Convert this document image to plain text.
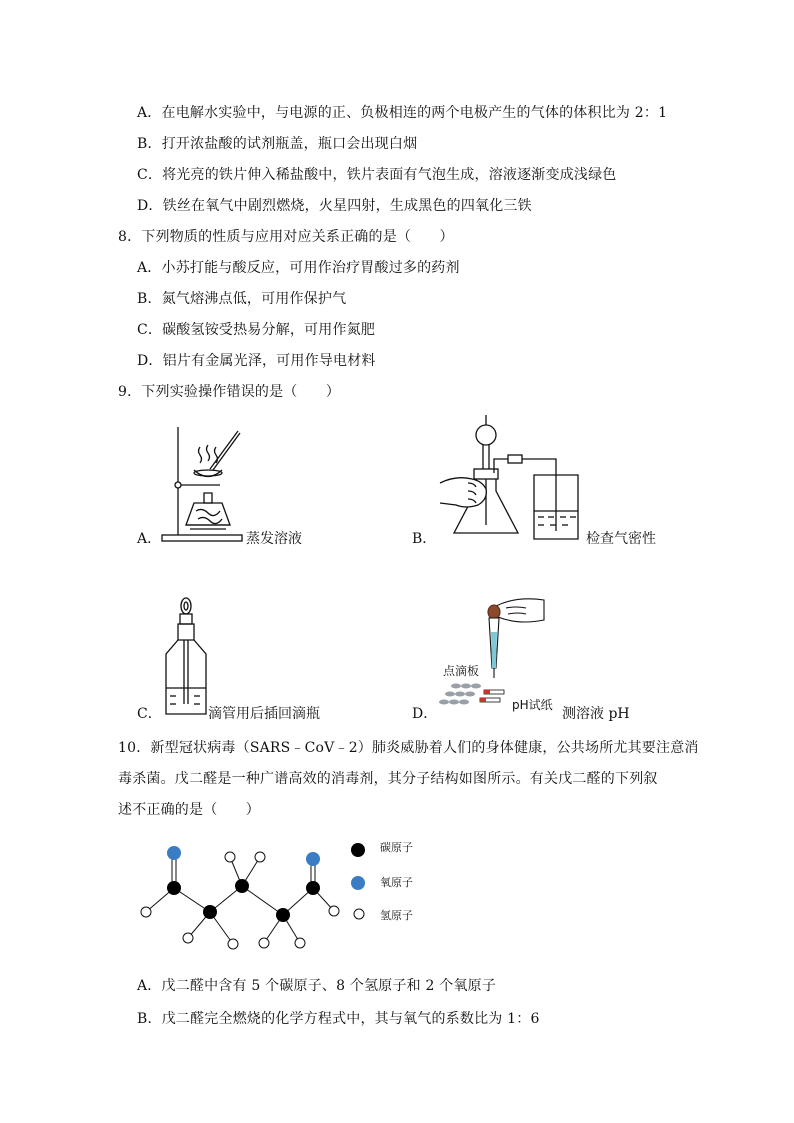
A．在电解水实验中，与电源的正、负极相连的两个电极产生的气体的体积比为 2：1
B．打开浓盐酸的试剂瓶盖，瓶口会出现白烟
C．将光亮的铁片伸入稀盐酸中，铁片表面有气泡生成，溶液逐渐变成浅绿色
D．铁丝在氧气中剧烈燃烧，火星四射，生成黑色的四氧化三铁
8．下列物质的性质与应用对应关系正确的是（　　）
A．小苏打能与酸反应，可用作治疗胃酸过多的药剂
B．氮气熔沸点低，可用作保护气
C．碳酸氢铵受热易分解，可用作氮肥
D．铝片有金属光泽，可用作导电材料
9．下列实验操作错误的是（　　）
A．	蒸发溶液	B．	检查气密性
C．	滴管用后插回滴瓶
点滴板
pH试纸
D．	测溶液 pH
10．新型冠状病毒（SARS﹣CoV﹣2）肺炎威胁着人们的身体健康，公共场所尤其要注意消
毒杀菌。戊二醛是一种广谱高效的消毒剂，其分子结构如图所示。有关戊二醛的下列叙
述不正确的是（　　）
碳原子
氧原子
氢原子
A．戊二醛中含有 5 个碳原子、8 个氢原子和 2 个氧原子
B．戊二醛完全燃烧的化学方程式中，其与氧气的系数比为 1：6
